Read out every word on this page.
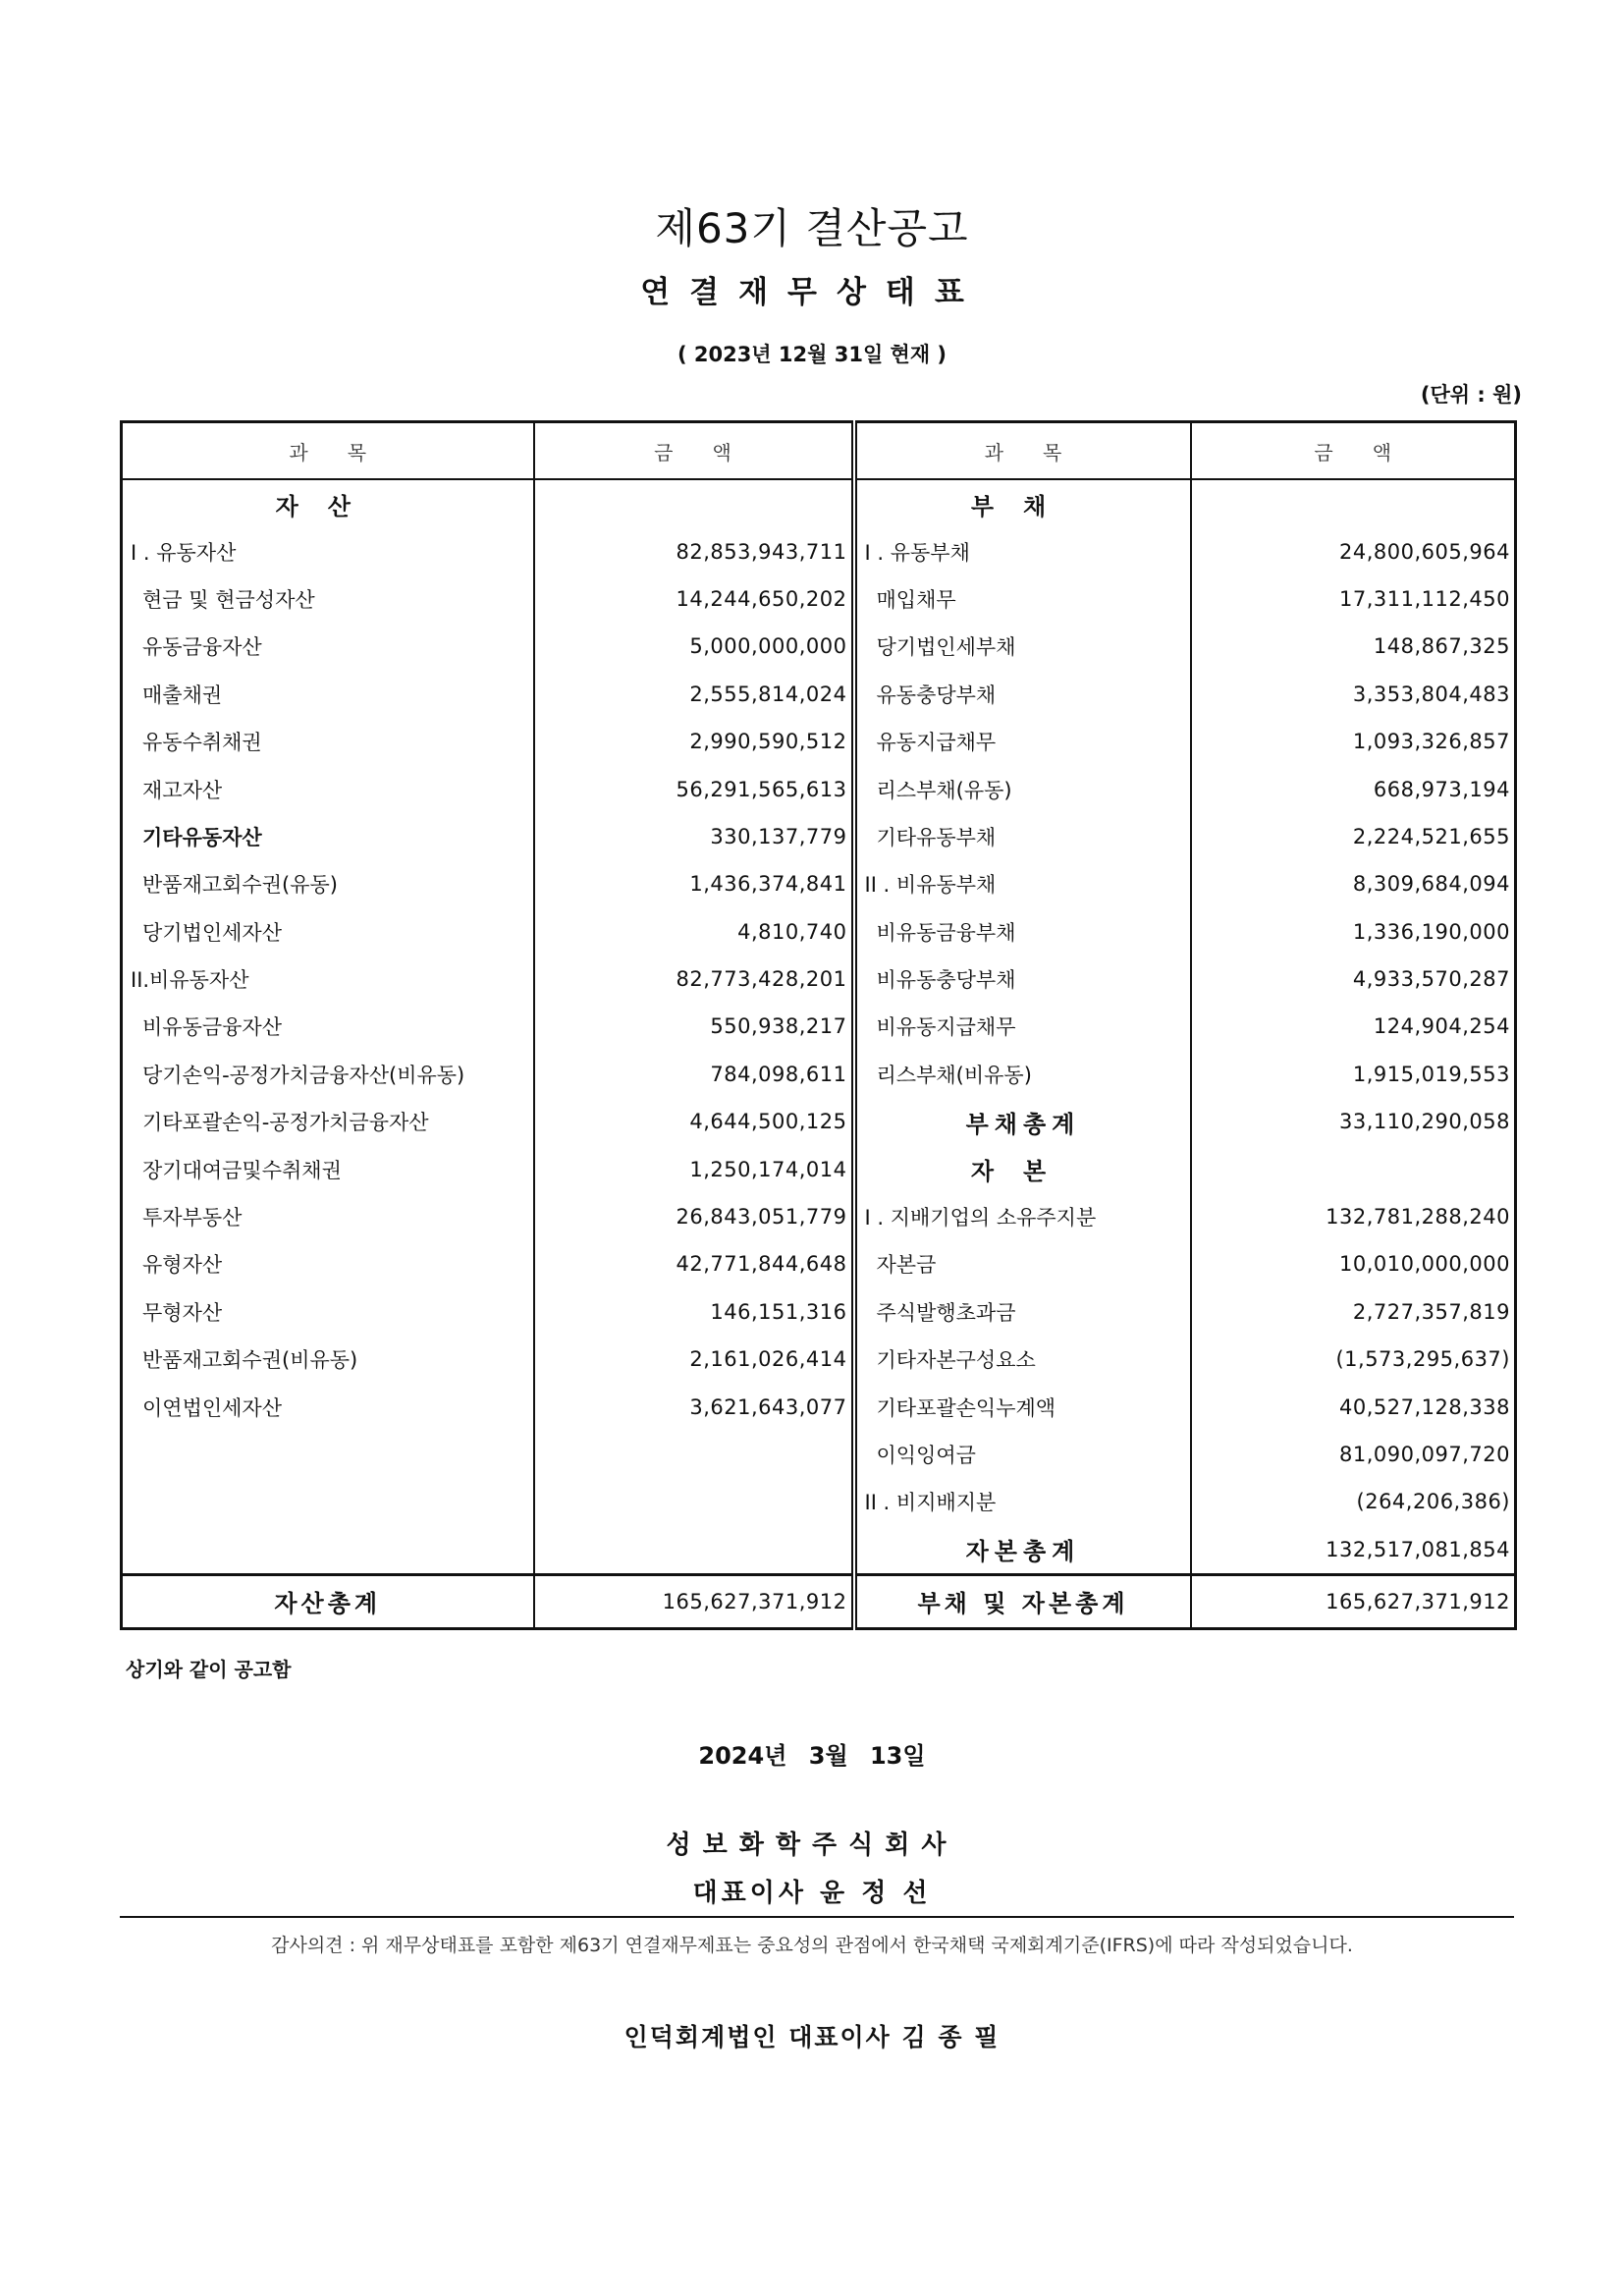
제63기 결산공고
연결재무상태표
( 2023년 12월 31일 현재 )
(단위 : 원)
과목	금액	과목	금액
자산		부채	
I . 유동자산	82,853,943,711	I . 유동부채	24,800,605,964
현금 및 현금성자산	14,244,650,202	매입채무	17,311,112,450
유동금융자산	5,000,000,000	당기법인세부채	148,867,325
매출채권	2,555,814,024	유동충당부채	3,353,804,483
유동수취채권	2,990,590,512	유동지급채무	1,093,326,857
재고자산	56,291,565,613	리스부채(유동)	668,973,194
기타유동자산	330,137,779	기타유동부채	2,224,521,655
반품재고회수권(유동)	1,436,374,841	II . 비유동부채	8,309,684,094
당기법인세자산	4,810,740	비유동금융부채	1,336,190,000
II.비유동자산	82,773,428,201	비유동충당부채	4,933,570,287
비유동금융자산	550,938,217	비유동지급채무	124,904,254
당기손익-공정가치금융자산(비유동)	784,098,611	리스부채(비유동)	1,915,019,553
기타포괄손익-공정가치금융자산	4,644,500,125	부채총계	33,110,290,058
장기대여금및수취채권	1,250,174,014	자본	
투자부동산	26,843,051,779	I . 지배기업의 소유주지분	132,781,288,240
유형자산	42,771,844,648	자본금	10,010,000,000
무형자산	146,151,316	주식발행초과금	2,727,357,819
반품재고회수권(비유동)	2,161,026,414	기타자본구성요소	(1,573,295,637)
이연법인세자산	3,621,643,077	기타포괄손익누계액	40,527,128,338
		이익잉여금	81,090,097,720
		II . 비지배지분	(264,206,386)
		자본총계	132,517,081,854
자산총계	165,627,371,912	부채 및 자본총계	165,627,371,912
상기와 같이 공고함
2024년 3월 13일
성보화학주식회사
대표이사 윤 정 선
감사의견 : 위 재무상태표를 포함한 제63기 연결재무제표는 중요성의 관점에서 한국채택 국제회계기준(IFRS)에 따라 작성되었습니다.
인덕회계법인 대표이사 김 종 필
